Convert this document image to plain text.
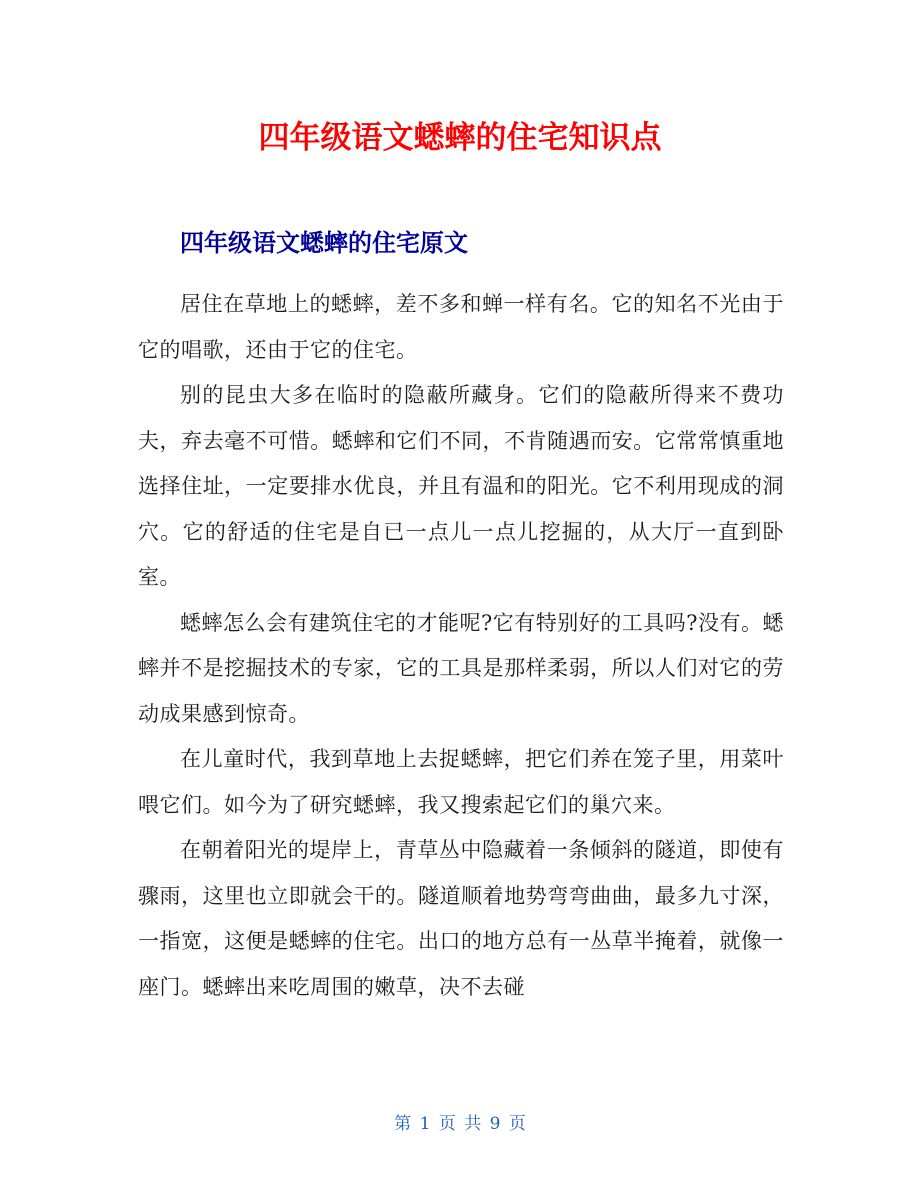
四年级语文蟋蟀的住宅知识点
四年级语文蟋蟀的住宅原文

居住在草地上的蟋蟀，差不多和蝉一样有名。它的知名不光由于它的唱歌，还由于它的住宅。

别的昆虫大多在临时的隐蔽所藏身。它们的隐蔽所得来不费功夫，弃去毫不可惜。蟋蟀和它们不同，不肯随遇而安。它常常慎重地选择住址，一定要排水优良，并且有温和的阳光。它不利用现成的洞穴。它的舒适的住宅是自已一点儿一点儿挖掘的，从大厅一直到卧室。

蟋蟀怎么会有建筑住宅的才能呢?它有特别好的工具吗?没有。蟋蟀并不是挖掘技术的专家，它的工具是那样柔弱，所以人们对它的劳动成果感到惊奇。

在儿童时代，我到草地上去捉蟋蟀，把它们养在笼子里，用菜叶喂它们。如今为了研究蟋蟀，我又搜索起它们的巢穴来。

在朝着阳光的堤岸上，青草丛中隐藏着一条倾斜的隧道，即使有骤雨，这里也立即就会干的。隧道顺着地势弯弯曲曲，最多九寸深，一指宽，这便是蟋蟀的住宅。出口的地方总有一丛草半掩着，就像一座门。蟋蟀出来吃周围的嫩草，决不去碰

第 1 页 共 9 页
